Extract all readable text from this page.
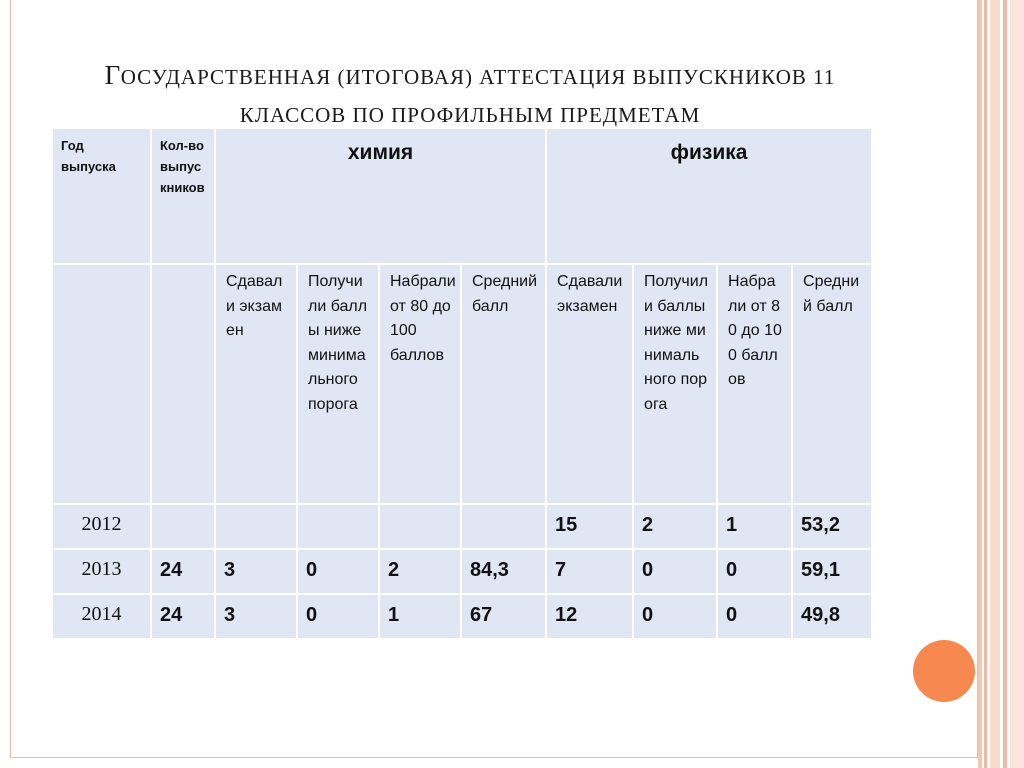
ГОСУДАРСТВЕННАЯ (ИТОГОВАЯ) АТТЕСТАЦИЯ ВЫПУСКНИКОВ 11
КЛАССОВ ПО ПРОФИЛЬНЫМ ПРЕДМЕТАМ
Год выпуска	Кол-во выпускников	химия				физика			
		Сдавали экзамен	Получили баллы ниже минимального порога	Набрали от 80 до 100 баллов	Средний балл	Сдавали экзамен	Получили баллы ниже минимального порога	Набрали от 80 до 100 баллов	Средний балл
2012						15	2	1	53,2
2013	24	3	0	2	84,3	7	0	0	59,1
2014	24	3	0	1	67	12	0	0	49,8
